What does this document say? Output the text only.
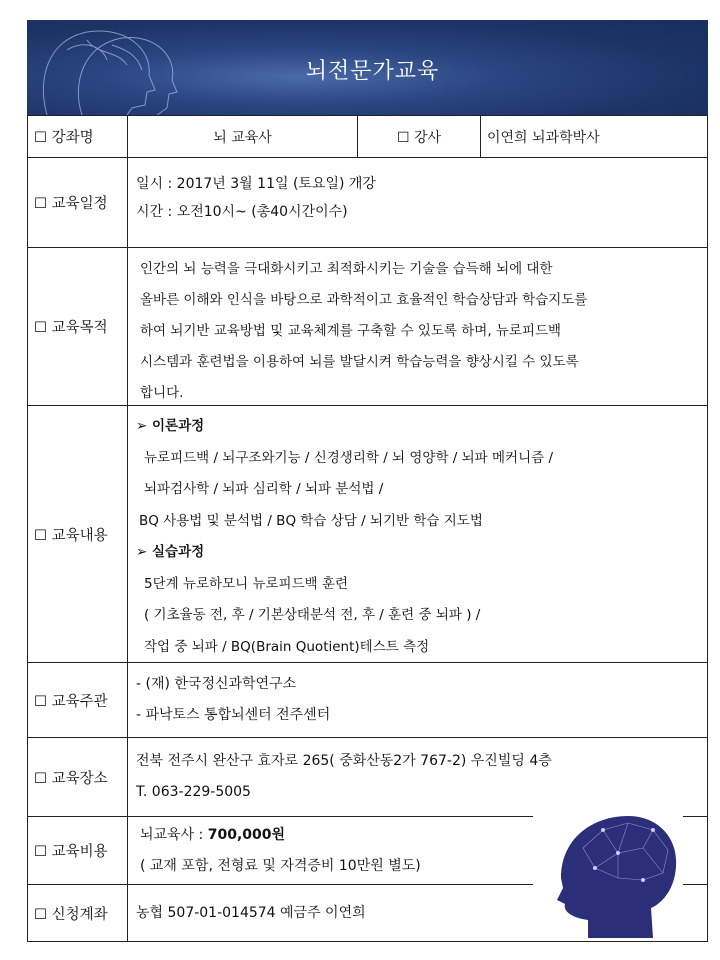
뇌전문가교육
☐ 강좌명	뇌 교육사	☐ 강사	이연희 뇌과학박사
☐ 교육일정
일시 : 2017년 3월 11일 (토요일) 개강
시간 : 오전10시~ (총40시간이수)
☐ 교육목적
인간의 뇌 능력을 극대화시키고 최적화시키는 기술을 습득해 뇌에 대한
올바른 이해와 인식을 바탕으로 과학적이고 효율적인 학습상담과 학습지도를
하여 뇌기반 교육방법 및 교육체계를 구축할 수 있도록 하며, 뉴로피드백
시스템과 훈련법을 이용하여 뇌를 발달시켜 학습능력을 향상시킬 수 있도록
합니다.
☐ 교육내용
➢ 이론과정
뉴로피드백 / 뇌구조와기능 / 신경생리학 / 뇌 영양학 / 뇌파 메커니즘 /
뇌파검사학 / 뇌파 심리학 / 뇌파 분석법 /
BQ 사용법 및 분석법 / BQ 학습 상담 / 뇌기반 학습 지도법
➢ 실습과정
5단계 뉴로하모니 뉴로피드백 훈련
( 기초율동 전, 후 / 기본상태분석 전, 후 / 훈련 중 뇌파 ) /
작업 중 뇌파 / BQ(Brain Quotient)테스트 측정
☐ 교육주관
- (재) 한국정신과학연구소
- 파낙토스 통합뇌센터 전주센터
☐ 교육장소
전북 전주시 완산구 효자로 265( 중화산동2가 767-2) 우진빌딩 4층
T. 063-229-5005
☐ 교육비용
뇌교육사 : 700,000원
( 교재 포함, 전형료 및 자격증비 10만원 별도)
☐ 신청계좌	농협 507-01-014574 예금주 이연희
